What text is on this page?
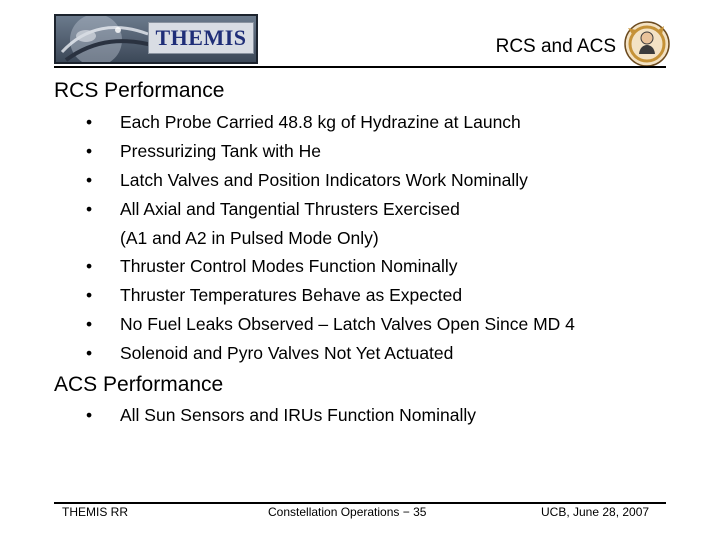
THEMIS	RCS and ACS
RCS Performance
•	Each Probe Carried 48.8 kg of Hydrazine at Launch
•	Pressurizing Tank with He
•	Latch Valves and Position Indicators Work Nominally
•	All Axial and Tangential Thrusters Exercised
(A1 and A2 in Pulsed Mode Only)
•	Thruster Control Modes Function Nominally
•	Thruster Temperatures Behave as Expected
•	No Fuel Leaks Observed – Latch Valves Open Since MD 4
•	Solenoid and Pyro Valves Not Yet Actuated
ACS Performance
•	All Sun Sensors and IRUs Function Nominally
THEMIS RR	Constellation Operations − 35	UCB, June 28, 2007
